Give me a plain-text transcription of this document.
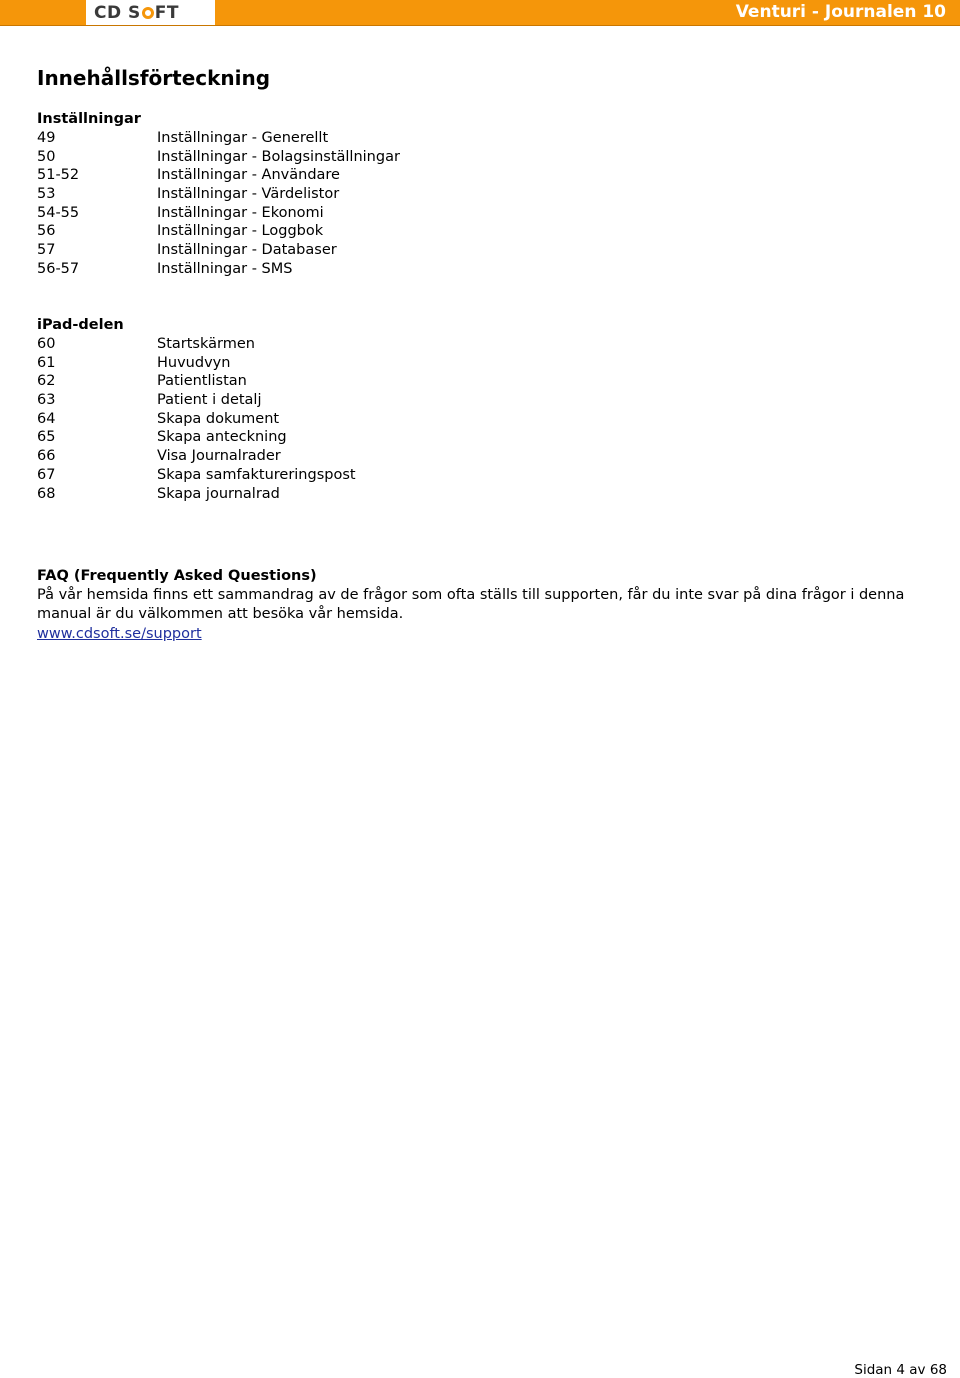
CD S FT	Venturi - Journalen 10
Innehållsförteckning
Inställningar
49	Inställningar - Generellt
50	Inställningar - Bolagsinställningar
51-52	Inställningar - Användare
53	Inställningar - Värdelistor
54-55	Inställningar - Ekonomi
56	Inställningar - Loggbok
57	Inställningar - Databaser
56-57	Inställningar - SMS
iPad-delen
60	Startskärmen
61	Huvudvyn
62	Patientlistan
63	Patient i detalj
64	Skapa dokument
65	Skapa anteckning
66	Visa Journalrader
67	Skapa samfaktureringspost
68	Skapa journalrad
FAQ (Frequently Asked Questions)

På vår hemsida finns ett sammandrag av de frågor som ofta ställs till supporten, får du inte svar på dina frågor i denna manual är du välkommen att besöka vår hemsida.

www.cdsoft.se/support
Sidan 4 av 68
